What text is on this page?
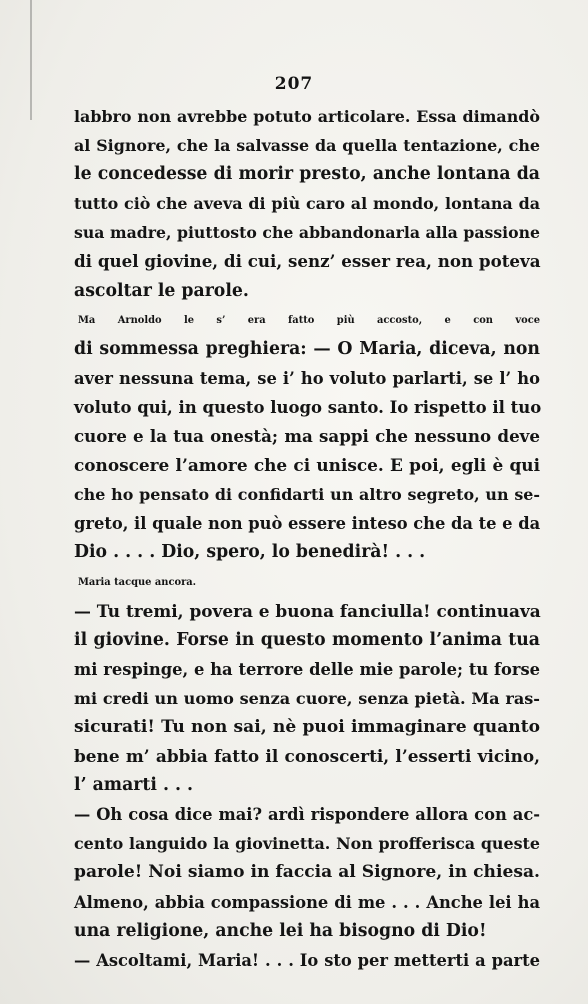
207
labbro non avrebbe potuto articolare. Essa dimandò
al Signore, che la salvasse da quella tentazione, che
le concedesse di morir presto, anche lontana da
tutto ciò che aveva di più caro al mondo, lontana da
sua madre, piuttosto che abbandonarla alla passione
di quel giovine, di cui, senz’ esser rea, non poteva
ascoltar le parole.
Ma Arnoldo le s’ era fatto più accosto, e con voce
di sommessa preghiera: — O Maria, diceva, non
aver nessuna tema, se i’ ho voluto parlarti, se l’ ho
voluto qui, in questo luogo santo. Io rispetto il tuo
cuore e la tua onestà; ma sappi che nessuno deve
conoscere l’amore che ci unisce. E poi, egli è qui
che ho pensato di confidarti un altro segreto, un se-
greto, il quale non può essere inteso che da te e da
Dio . . . . Dio, spero, lo benedirà! . . .
Maria tacque ancora.
— Tu tremi, povera e buona fanciulla! continuava
il giovine. Forse in questo momento l’anima tua
mi respinge, e ha terrore delle mie parole; tu forse
mi credi un uomo senza cuore, senza pietà. Ma ras-
sicurati! Tu non sai, nè puoi immaginare quanto
bene m’ abbia fatto il conoscerti, l’esserti vicino,
l’ amarti . . .
— Oh cosa dice mai? ardì rispondere allora con ac-
cento languido la giovinetta. Non profferisca queste
parole! Noi siamo in faccia al Signore, in chiesa.
Almeno, abbia compassione di me . . . Anche lei ha
una religione, anche lei ha bisogno di Dio!
— Ascoltami, Maria! . . . Io sto per metterti a parte
